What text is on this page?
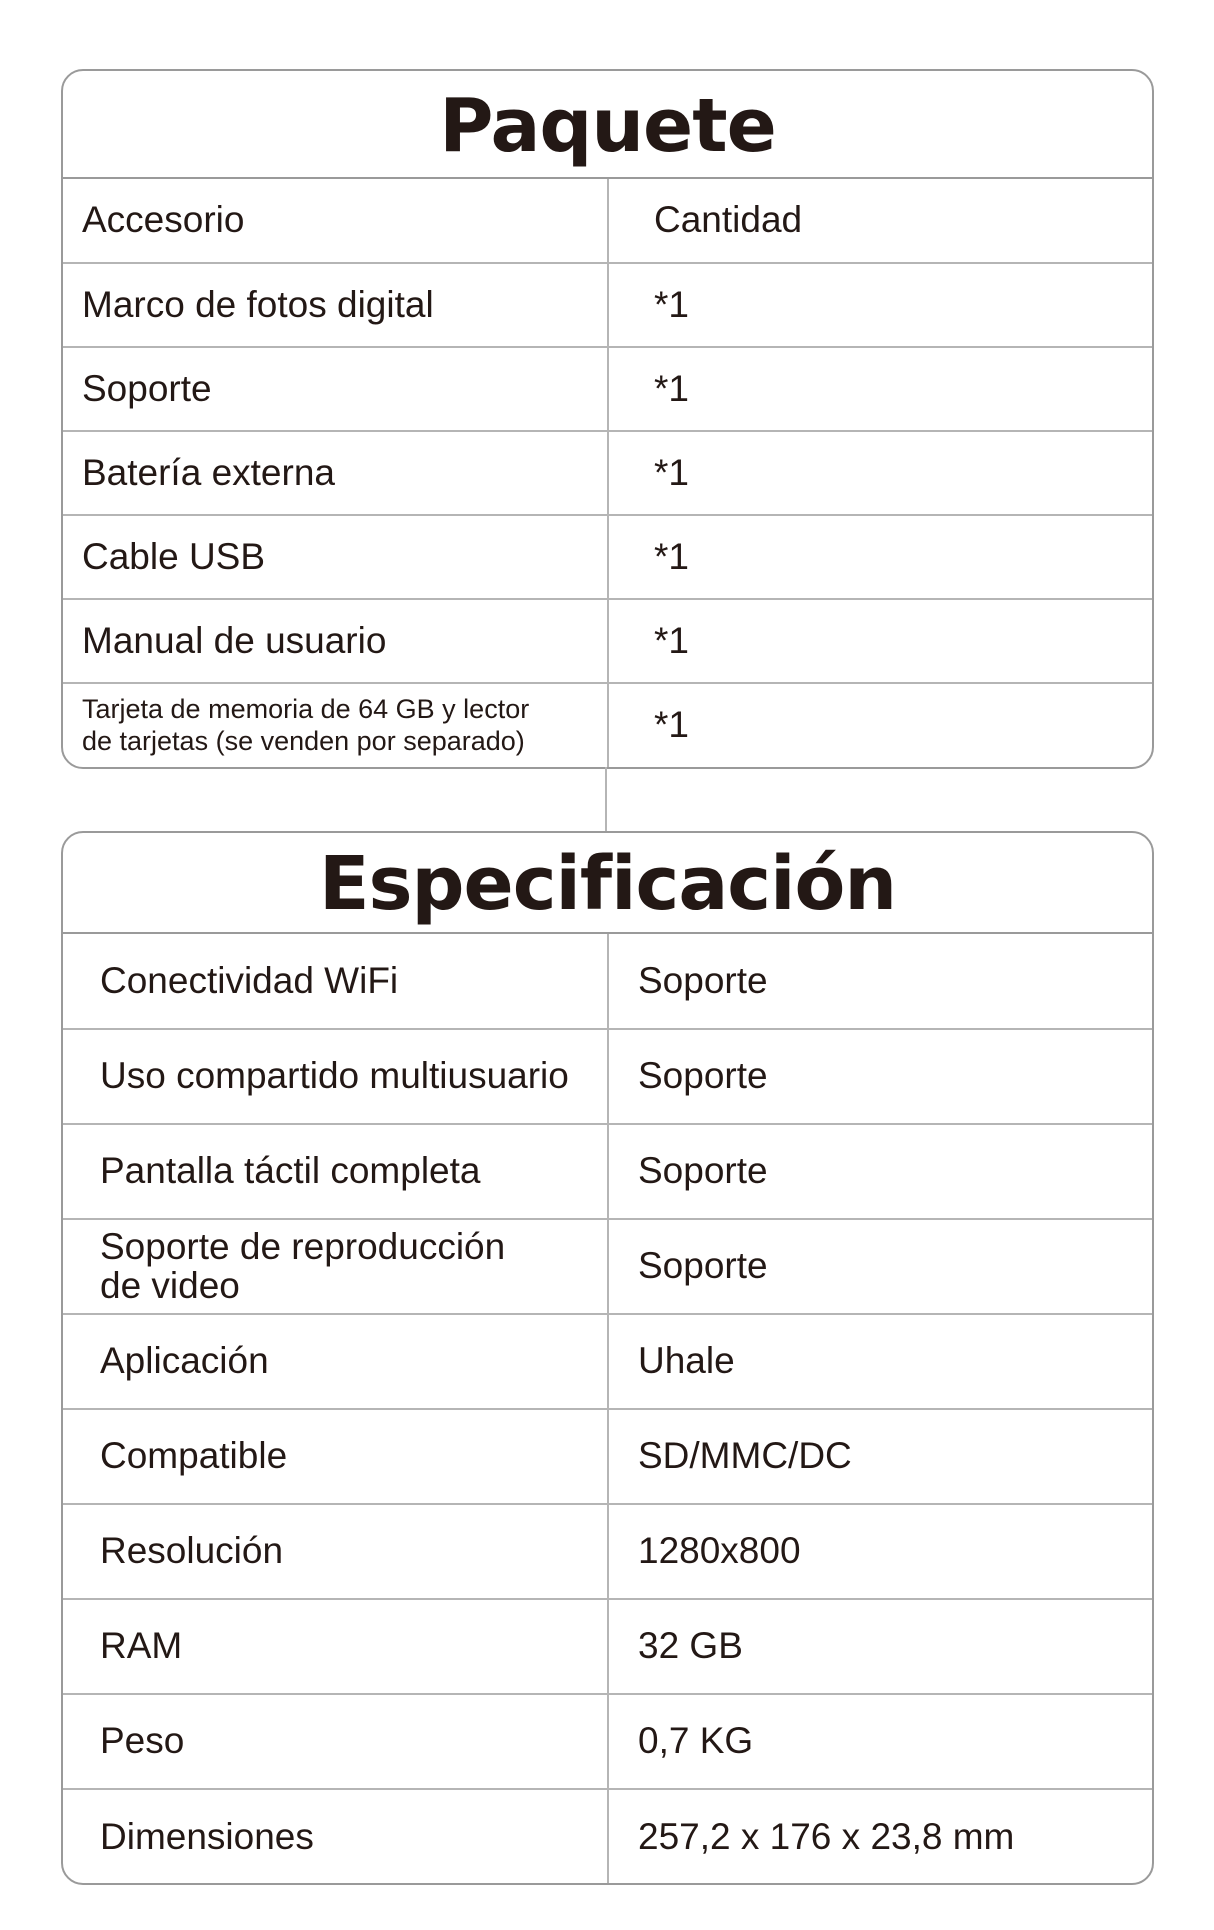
Paquete
Accesorio	Cantidad
Marco de fotos digital	*1
Soporte	*1
Batería externa	*1
Cable USB	*1
Manual de usuario	*1

Tarjeta de memoria de 64 GB y lector
de tarjetas (se venden por separado)	*1
Especificación
Conectividad WiFi	Soporte
Uso compartido multiusuario	Soporte
Pantalla táctil completa	Soporte

Soporte de reproducción
de video	Soporte
Aplicación	Uhale
Compatible	SD/MMC/DC
Resolución	1280x800
RAM	32 GB
Peso	0,7 KG
Dimensiones	257,2 x 176 x 23,8 mm
